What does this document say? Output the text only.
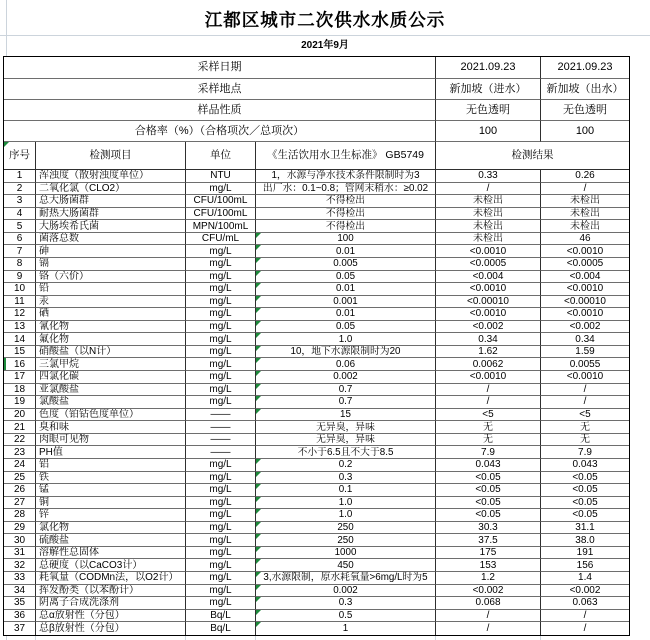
江都区城市二次供水水质公示
2021年9月
采样日期	2021.09.23	2021.09.23
采样地点	新加坡（进水）	新加坡（出水）
样品性质	无色透明	无色透明
合格率（%）（合格项次／总项次）	100	100
序号	检测项目	单位	《生活饮用水卫生标准》 GB5749	检测结果
1	浑浊度（散射浊度单位）	NTU	1，水源与净水技术条件限制时为3	0.33	0.26
2	二氧化氯（CLO2）	mg/L	出厂水：0.1~0.8；管网末稍水：≥0.02	/	/
3	总大肠菌群	CFU/100mL	不得检出	未检出	未检出
4	耐热大肠菌群	CFU/100mL	不得检出	未检出	未检出
5	大肠埃希氏菌	MPN/100mL	不得检出	未检出	未检出
6	菌落总数	CFU/mL	100	未检出	46
7	砷	mg/L	0.01	<0.0010	<0.0010
8	镉	mg/L	0.005	<0.0005	<0.0005
9	铬（六价）	mg/L	0.05	<0.004	<0.004
10	铅	mg/L	0.01	<0.0010	<0.0010
11	汞	mg/L	0.001	<0.00010	<0.00010
12	硒	mg/L	0.01	<0.0010	<0.0010
13	氰化物	mg/L	0.05	<0.002	<0.002
14	氟化物	mg/L	1.0	0.34	0.34
15	硝酸盐（以N计）	mg/L	10，地下水源限制时为20	1.62	1.59
16	三氯甲烷	mg/L	0.06	0.0062	0.0055
17	四氯化碳	mg/L	0.002	<0.0010	<0.0010
18	亚氯酸盐	mg/L	0.7	/	/
19	氯酸盐	mg/L	0.7	/	/
20	色度（铂钴色度单位）	——	15	<5	<5
21	臭和味	——	无异臭，异味	无	无
22	肉眼可见物	——	无异臭，异味	无	无
23	PH值	——	不小于6.5且不大于8.5	7.9	7.9
24	铝	mg/L	0.2	0.043	0.043
25	铁	mg/L	0.3	<0.05	<0.05
26	锰	mg/L	0.1	<0.05	<0.05
27	铜	mg/L	1.0	<0.05	<0.05
28	锌	mg/L	1.0	<0.05	<0.05
29	氯化物	mg/L	250	30.3	31.1
30	硫酸盐	mg/L	250	37.5	38.0
31	溶解性总固体	mg/L	1000	175	191
32	总硬度（以CaCO3计）	mg/L	450	153	156
33	耗氧量（CODMn法，以O2计）	mg/L	3,水源限制，原水耗氧量>6mg/L时为5	1.2	1.4
34	挥发酚类（以苯酚计）	mg/L	0.002	<0.002	<0.002
35	阴离子合成洗涤剂	mg/L	0.3	0.068	0.063
36	总α放射性（分包）	Bq/L	0.5	/	/
37	总β放射性（分包）	Bq/L	1	/	/
